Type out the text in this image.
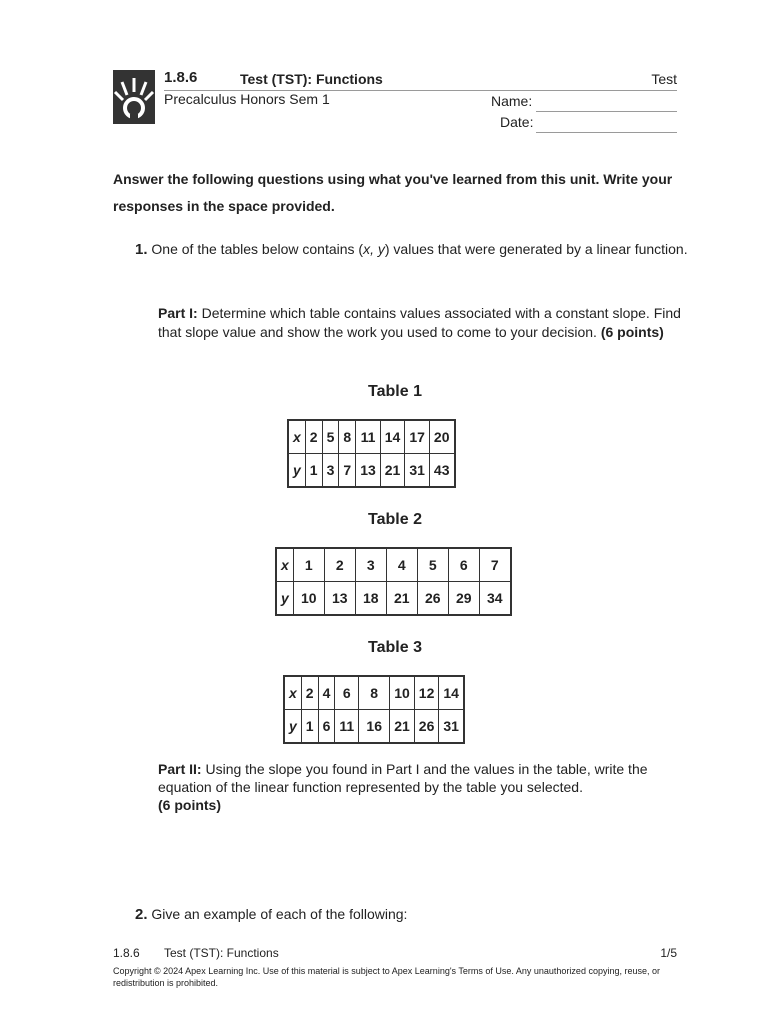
1.8.6	Test (TST): Functions	Test
Precalculus Honors Sem 1	Name:
Date:
Answer the following questions using what you've learned from this unit. Write your responses in the space provided.
1. One of the tables below contains (x, y) values that were generated by a linear function.
Part I: Determine which table contains values associated with a constant slope. Find that slope value and show the work you used to come to your decision. (6 points)
Table 1
x	2	5	8	11	14	17	20
y	1	3	7	13	21	31	43
Table 2
x	1	2	3	4	5	6	7
y	10	13	18	21	26	29	34
Table 3
x	2	4	6	8	10	12	14
y	1	6	11	16	21	26	31
Part II: Using the slope you found in Part I and the values in the table, write the equation of the linear function represented by the table you selected.
(6 points)
2. Give an example of each of the following:
1.8.6 Test (TST): Functions	1/5
Copyright © 2024 Apex Learning Inc. Use of this material is subject to Apex Learning's Terms of Use. Any unauthorized copying, reuse, or redistribution is prohibited.
